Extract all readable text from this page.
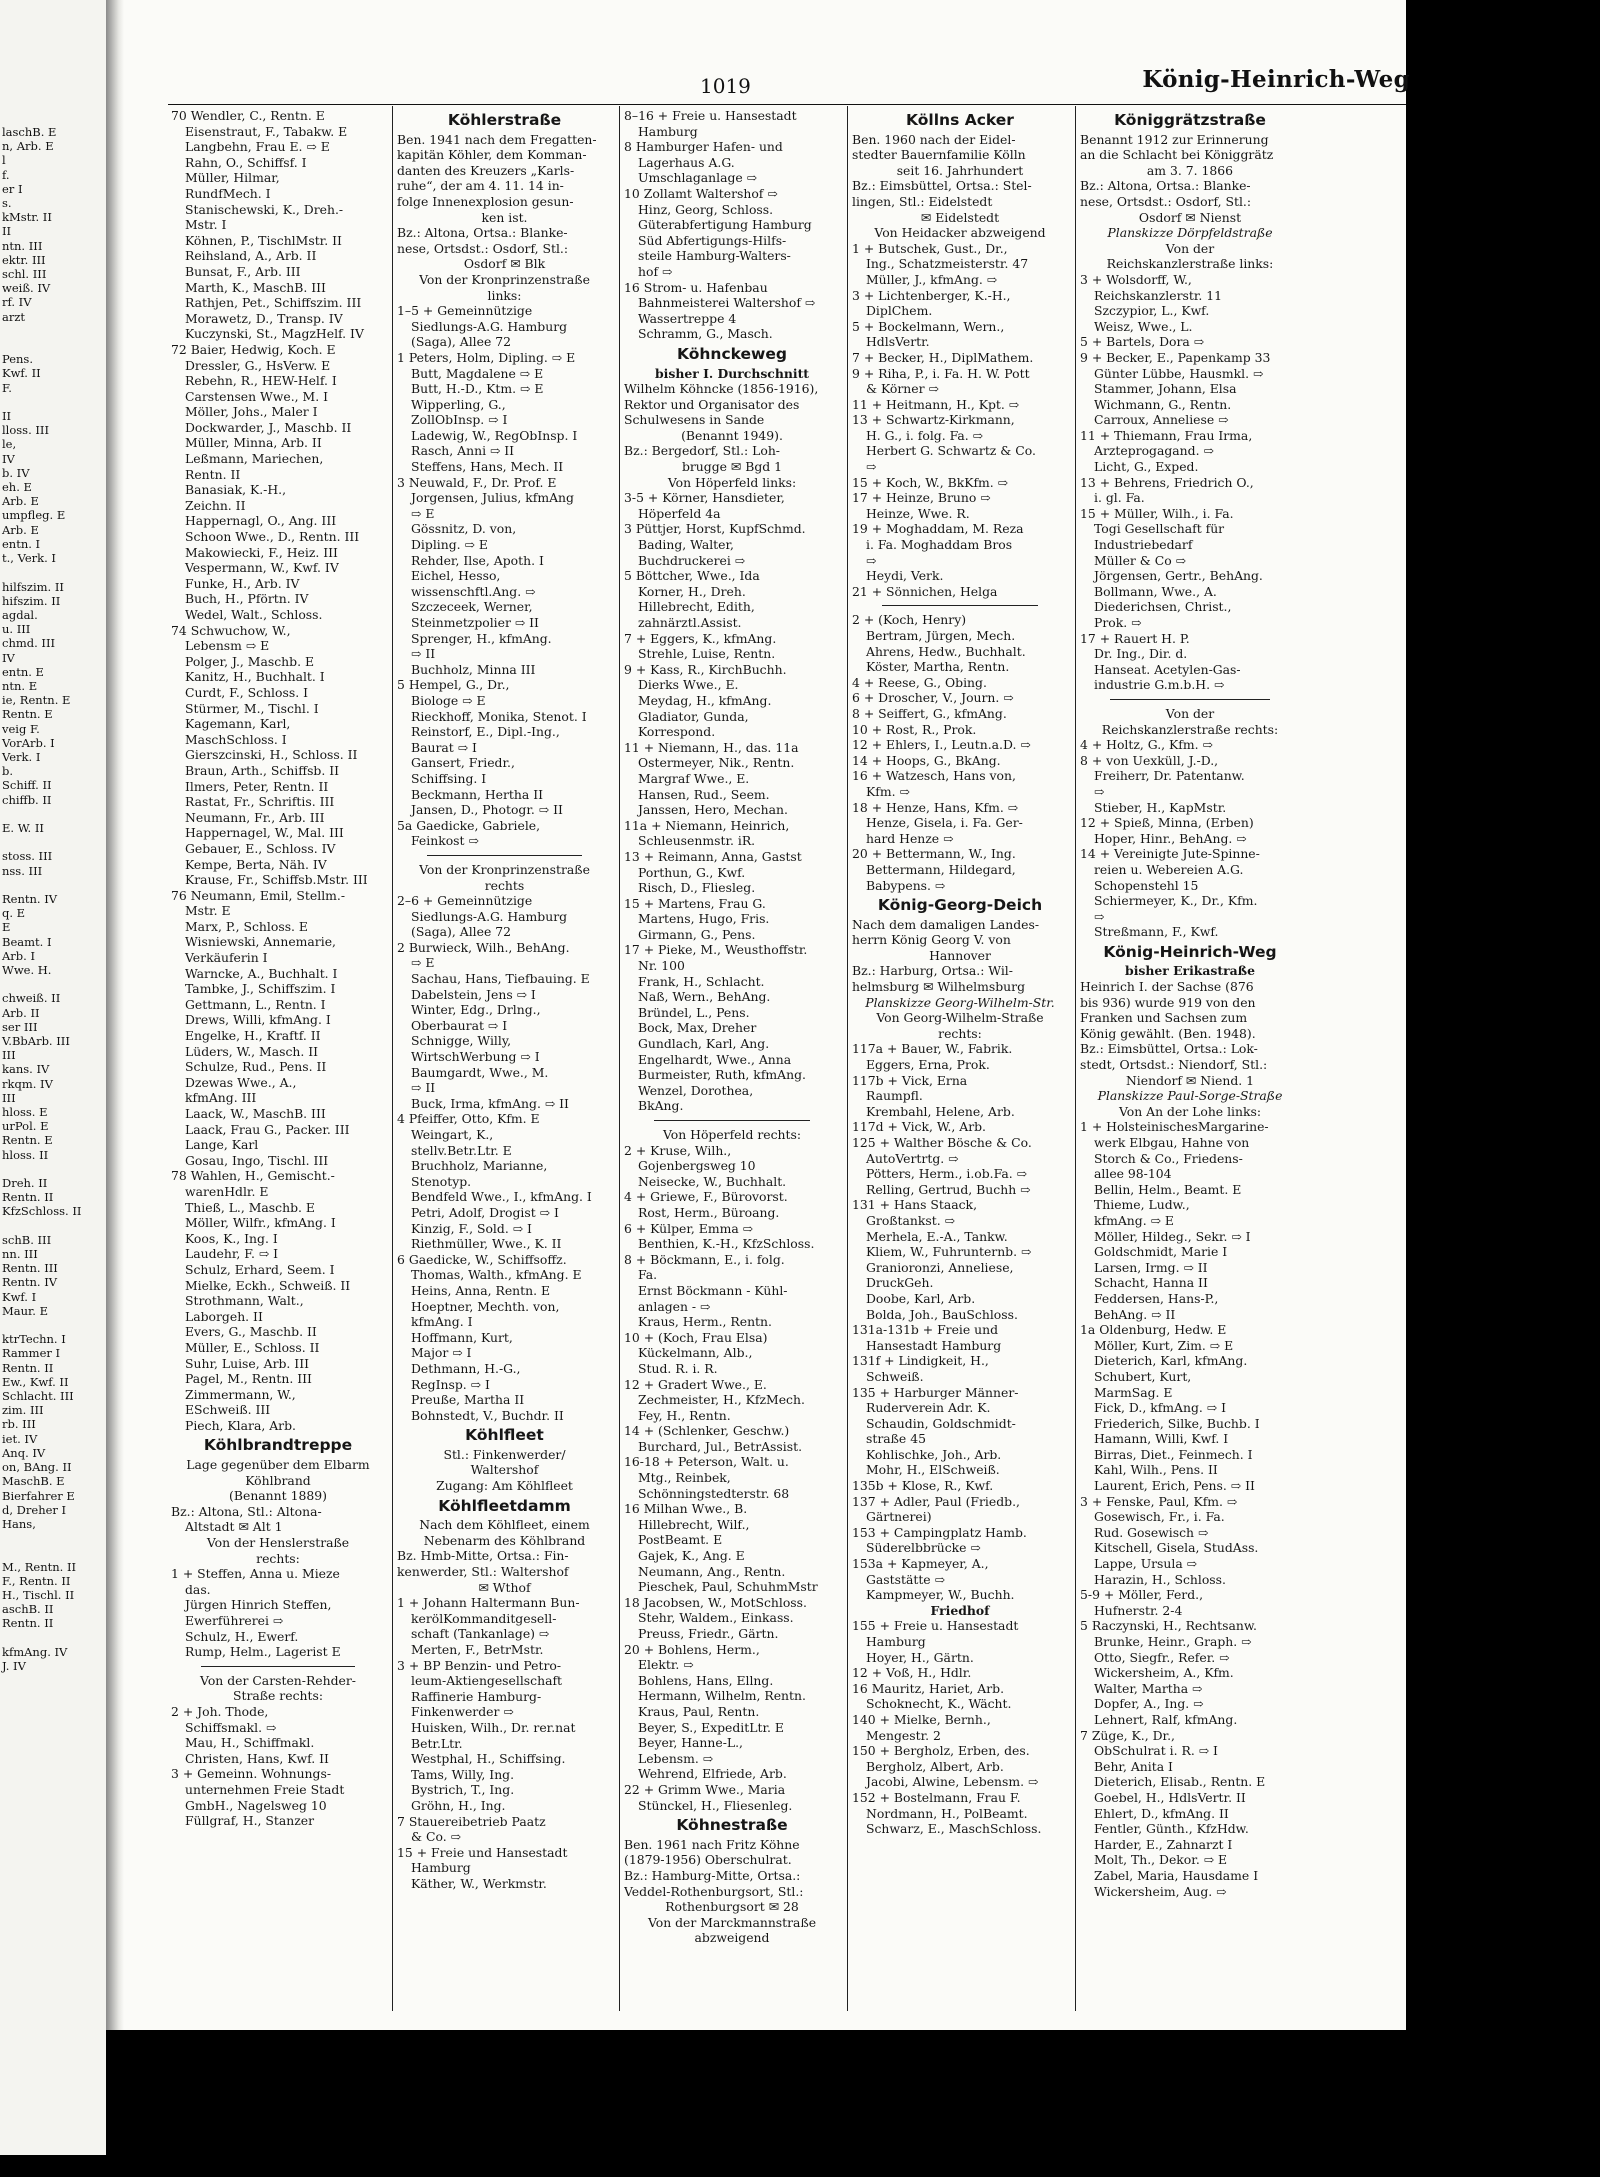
laschB. E
n, Arb. E
l
f.
er I
s.
kMstr. II
II
ntn. III
ektr. III
schl. III
weiß. IV
rf. IV
arzt

Pens.
Kwf. II
F.

II
lloss. III
le,
IV
b. IV
eh. E
Arb. E
umpfleg. E
Arb. E
entn. I
t., Verk. I

hilfszim. II
hifszim. II
agdal.
u. III
chmd. III
IV
entn. E
ntn. E
ie, Rentn. E
Rentn. E
veig F.
VorArb. I
Verk. I
b.
Schiff. II
chiffb. II

E. W. II

stoss. III
nss. III

Rentn. IV
q. E
E
Beamt. I
Arb. I
Wwe. H.

chweiß. II
Arb. II
ser III
V.BbArb. III
III
kans. IV
rkqm. IV
III
hloss. E
urPol. E
Rentn. E
hloss. II

Dreh. II
Rentn. II
KfzSchloss. II

schB. III
nn. III
Rentn. III
Rentn. IV
Kwf. I
Maur. E

ktrTechn. I
Rammer I
Rentn. II
Ew., Kwf. II
Schlacht. III
zim. III
rb. III
iet. IV
Anq. IV
on, BAng. II
MaschB. E
Bierfahrer E
d, Dreher I
Hans,

M., Rentn. II
F., Rentn. II
H., Tischl. II
aschB. II
Rentn. II

kfmAng. IV
J. IV
1019	König-Heinrich-Weg
70 Wendler, C., Rentn. E
Eisenstraut, F., Tabakw. E
Langbehn, Frau E. ⇨ E
Rahn, O., Schiffsf. I
Müller, Hilmar,
RundfMech. I
Stanischewski, K., Dreh.-
Mstr. I
Köhnen, P., TischlMstr. II
Reihsland, A., Arb. II
Bunsat, F., Arb. III
Marth, K., MaschB. III
Rathjen, Pet., Schiffszim. III
Morawetz, D., Transp. IV
Kuczynski, St., MagzHelf. IV
72 Baier, Hedwig, Koch. E
Dressler, G., HsVerw. E
Rebehn, R., HEW-Helf. I
Carstensen Wwe., M. I
Möller, Johs., Maler I
Dockwarder, J., Maschb. II
Müller, Minna, Arb. II
Leßmann, Mariechen,
Rentn. II
Banasiak, K.-H.,
Zeichn. II
Happernagl, O., Ang. III
Schoon Wwe., D., Rentn. III
Makowiecki, F., Heiz. III
Vespermann, W., Kwf. IV
Funke, H., Arb. IV
Buch, H., Pförtn. IV
Wedel, Walt., Schloss.
74 Schwuchow, W.,
Lebensm ⇨ E
Polger, J., Maschb. E
Kanitz, H., Buchhalt. I
Curdt, F., Schloss. I
Stürmer, M., Tischl. I
Kagemann, Karl,
MaschSchloss. I
Gierszcinski, H., Schloss. II
Braun, Arth., Schiffsb. II
Ilmers, Peter, Rentn. II
Rastat, Fr., Schriftis. III
Neumann, Fr., Arb. III
Happernagel, W., Mal. III
Gebauer, E., Schloss. IV
Kempe, Berta, Näh. IV
Krause, Fr., Schiffsb.Mstr. III
76 Neumann, Emil, Stellm.-
Mstr. E
Marx, P., Schloss. E
Wisniewski, Annemarie,
Verkäuferin I
Warncke, A., Buchhalt. I
Tambke, J., Schiffszim. I
Gettmann, L., Rentn. I
Drews, Willi, kfmAng. I
Engelke, H., Kraftf. II
Lüders, W., Masch. II
Schulze, Rud., Pens. II
Dzewas Wwe., A.,
kfmAng. III
Laack, W., MaschB. III
Laack, Frau G., Packer. III
Lange, Karl
Gosau, Ingo, Tischl. III
78 Wahlen, H., Gemischt.-
warenHdlr. E
Thieß, L., Maschb. E
Möller, Wilfr., kfmAng. I
Koos, K., Ing. I
Laudehr, F. ⇨ I
Schulz, Erhard, Seem. I
Mielke, Eckh., Schweiß. II
Strothmann, Walt.,
Laborgeh. II
Evers, G., Maschb. II
Müller, E., Schloss. II
Suhr, Luise, Arb. III
Pagel, M., Rentn. III
Zimmermann, W.,
ESchweiß. III
Piech, Klara, Arb.
Köhlbrandtreppe
Lage gegenüber dem Elbarm
Köhlbrand
(Benannt 1889)
Bz.: Altona, Stl.: Altona-
Altstadt ✉ Alt 1
Von der Henslerstraße
rechts:
1 + Steffen, Anna u. Mieze
das.
Jürgen Hinrich Steffen,
Ewerführerei ⇨
Schulz, H., Ewerf.
Rump, Helm., Lagerist E
Von der Carsten-Rehder-
Straße rechts:
2 + Joh. Thode,
Schiffsmakl. ⇨
Mau, H., Schiffmakl.
Christen, Hans, Kwf. II
3 + Gemeinn. Wohnungs-
unternehmen Freie Stadt
GmbH., Nagelsweg 10
Füllgraf, H., Stanzer
Köhlerstraße
Ben. 1941 nach dem Fregatten-
kapitän Köhler, dem Komman-
danten des Kreuzers „Karls-
ruhe“, der am 4. 11. 14 in-
folge Innenexplosion gesun-
ken ist.
Bz.: Altona, Ortsa.: Blanke-
nese, Ortsdst.: Osdorf, Stl.:
Osdorf ✉ Blk
Von der Kronprinzenstraße
links:
1–5 + Gemeinnützige
Siedlungs-A.G. Hamburg
(Saga), Allee 72
1 Peters, Holm, Dipling. ⇨ E
Butt, Magdalene ⇨ E
Butt, H.-D., Ktm. ⇨ E
Wipperling, G.,
ZollObInsp. ⇨ I
Ladewig, W., RegObInsp. I
Rasch, Anni ⇨ II
Steffens, Hans, Mech. II
3 Neuwald, F., Dr. Prof. E
Jorgensen, Julius, kfmAng
⇨ E
Gössnitz, D. von,
Dipling. ⇨ E
Rehder, Ilse, Apoth. I
Eichel, Hesso,
wissenschftl.Ang. ⇨
Szczeceek, Werner,
Steinmetzpolier ⇨ II
Sprenger, H., kfmAng.
⇨ II
Buchholz, Minna III
5 Hempel, G., Dr.,
Biologe ⇨ E
Rieckhoff, Monika, Stenot. I
Reinstorf, E., Dipl.-Ing.,
Baurat ⇨ I
Gansert, Friedr.,
Schiffsing. I
Beckmann, Hertha II
Jansen, D., Photogr. ⇨ II
5a Gaedicke, Gabriele,
Feinkost ⇨
Von der Kronprinzenstraße
rechts
2–6 + Gemeinnützige
Siedlungs-A.G. Hamburg
(Saga), Allee 72
2 Burwieck, Wilh., BehAng.
⇨ E
Sachau, Hans, Tiefbauing. E
Dabelstein, Jens ⇨ I
Winter, Edg., Drlng.,
Oberbaurat ⇨ I
Schnigge, Willy,
WirtschWerbung ⇨ I
Baumgardt, Wwe., M.
⇨ II
Buck, Irma, kfmAng. ⇨ II
4 Pfeiffer, Otto, Kfm. E
Weingart, K.,
stellv.Betr.Ltr. E
Bruchholz, Marianne,
Stenotyp.
Bendfeld Wwe., I., kfmAng. I
Petri, Adolf, Drogist ⇨ I
Kinzig, F., Sold. ⇨ I
Riethmüller, Wwe., K. II
6 Gaedicke, W., Schiffsoffz.
Thomas, Walth., kfmAng. E
Heins, Anna, Rentn. E
Hoeptner, Mechth. von,
kfmAng. I
Hoffmann, Kurt,
Major ⇨ I
Dethmann, H.-G.,
RegInsp. ⇨ I
Preuße, Martha II
Bohnstedt, V., Buchdr. II
Köhlfleet
Stl.: Finkenwerder/
Waltershof
Zugang: Am Köhlfleet
Köhlfleetdamm
Nach dem Köhlfleet, einem
Nebenarm des Köhlbrand
Bz. Hmb-Mitte, Ortsa.: Fin-
kenwerder, Stl.: Waltershof
✉ Wthof
1 + Johann Haltermann Bun-
kerölKommanditgesell-
schaft (Tankanlage) ⇨
Merten, F., BetrMstr.
3 + BP Benzin- und Petro-
leum-Aktiengesellschaft
Raffinerie Hamburg-
Finkenwerder ⇨
Huisken, Wilh., Dr. rer.nat
Betr.Ltr.
Westphal, H., Schiffsing.
Tams, Willy, Ing.
Bystrich, T., Ing.
Gröhn, H., Ing.
7 Stauereibetrieb Paatz
& Co. ⇨
15 + Freie und Hansestadt
Hamburg
Käther, W., Werkmstr.
8–16 + Freie u. Hansestadt
Hamburg
8 Hamburger Hafen- und
Lagerhaus A.G.
Umschlaganlage ⇨
10 Zollamt Waltershof ⇨
Hinz, Georg, Schloss.
Güterabfertigung Hamburg
Süd Abfertigungs-Hilfs-
steile Hamburg-Walters-
hof ⇨
16 Strom- u. Hafenbau
Bahnmeisterei Waltershof ⇨
Wassertreppe 4
Schramm, G., Masch.
Köhnckeweg
bisher I. Durchschnitt
Wilhelm Köhncke (1856-1916),
Rektor und Organisator des
Schulwesens in Sande
(Benannt 1949).
Bz.: Bergedorf, Stl.: Loh-
brugge ✉ Bgd 1
Von Höperfeld links:
3-5 + Körner, Hansdieter,
Höperfeld 4a
3 Püttjer, Horst, KupfSchmd.
Bading, Walter,
Buchdruckerei ⇨
5 Böttcher, Wwe., Ida
Korner, H., Dreh.
Hillebrecht, Edith,
zahnärztl.Assist.
7 + Eggers, K., kfmAng.
Strehle, Luise, Rentn.
9 + Kass, R., KirchBuchh.
Dierks Wwe., E.
Meydag, H., kfmAng.
Gladiator, Gunda,
Korrespond.
11 + Niemann, H., das. 11a
Ostermeyer, Nik., Rentn.
Margraf Wwe., E.
Hansen, Rud., Seem.
Janssen, Hero, Mechan.
11a + Niemann, Heinrich,
Schleusenmstr. iR.
13 + Reimann, Anna, Gastst
Porthun, G., Kwf.
Risch, D., Fliesleg.
15 + Martens, Frau G.
Martens, Hugo, Fris.
Girmann, G., Pens.
17 + Pieke, M., Weusthoffstr.
Nr. 100
Frank, H., Schlacht.
Naß, Wern., BehAng.
Bründel, L., Pens.
Bock, Max, Dreher
Gundlach, Karl, Ang.
Engelhardt, Wwe., Anna
Burmeister, Ruth, kfmAng.
Wenzel, Dorothea,
BkAng.
Von Höperfeld rechts:
2 + Kruse, Wilh.,
Gojenbergsweg 10
Neisecke, W., Buchhalt.
4 + Griewe, F., Bürovorst.
Rost, Herm., Büroang.
6 + Külper, Emma ⇨
Benthien, K.-H., KfzSchloss.
8 + Böckmann, E., i. folg.
Fa.
Ernst Böckmann - Kühl-
anlagen - ⇨
Kraus, Herm., Rentn.
10 + (Koch, Frau Elsa)
Kückelmann, Alb.,
Stud. R. i. R.
12 + Gradert Wwe., E.
Zechmeister, H., KfzMech.
Fey, H., Rentn.
14 + (Schlenker, Geschw.)
Burchard, Jul., BetrAssist.
16-18 + Peterson, Walt. u.
Mtg., Reinbek,
Schönningstedterstr. 68
16 Milhan Wwe., B.
Hillebrecht, Wilf.,
PostBeamt. E
Gajek, K., Ang. E
Neumann, Ang., Rentn.
Pieschek, Paul, SchuhmMstr
18 Jacobsen, W., MotSchloss.
Stehr, Waldem., Einkass.
Preuss, Friedr., Gärtn.
20 + Bohlens, Herm.,
Elektr. ⇨
Bohlens, Hans, Ellng.
Hermann, Wilhelm, Rentn.
Kraus, Paul, Rentn.
Beyer, S., ExpeditLtr. E
Beyer, Hanne-L.,
Lebensm. ⇨
Wehrend, Elfriede, Arb.
22 + Grimm Wwe., Maria
Stünckel, H., Fliesenleg.
Köhnestraße
Ben. 1961 nach Fritz Köhne
(1879-1956) Oberschulrat.
Bz.: Hamburg-Mitte, Ortsa.:
Veddel-Rothenburgsort, Stl.:
Rothenburgsort ✉ 28
Von der Marckmannstraße
abzweigend
Köllns Acker
Ben. 1960 nach der Eidel-
stedter Bauernfamilie Kölln
seit 16. Jahrhundert
Bz.: Eimsbüttel, Ortsa.: Stel-
lingen, Stl.: Eidelstedt
✉ Eidelstedt
Von Heidacker abzweigend
1 + Butschek, Gust., Dr.,
Ing., Schatzmeisterstr. 47
Müller, J., kfmAng. ⇨
3 + Lichtenberger, K.-H.,
DiplChem.
5 + Bockelmann, Wern.,
HdlsVertr.
7 + Becker, H., DiplMathem.
9 + Riha, P., i. Fa. H. W. Pott
& Körner ⇨
11 + Heitmann, H., Kpt. ⇨
13 + Schwartz-Kirkmann,
H. G., i. folg. Fa. ⇨
Herbert G. Schwartz & Co.
⇨
15 + Koch, W., BkKfm. ⇨
17 + Heinze, Bruno ⇨
Heinze, Wwe. R.
19 + Moghaddam, M. Reza
i. Fa. Moghaddam Bros
⇨
Heydi, Verk.
21 + Sönnichen, Helga
2 + (Koch, Henry)
Bertram, Jürgen, Mech.
Ahrens, Hedw., Buchhalt.
Köster, Martha, Rentn.
4 + Reese, G., Obing.
6 + Droscher, V., Journ. ⇨
8 + Seiffert, G., kfmAng.
10 + Rost, R., Prok.
12 + Ehlers, I., Leutn.a.D. ⇨
14 + Hoops, G., BkAng.
16 + Watzesch, Hans von,
Kfm. ⇨
18 + Henze, Hans, Kfm. ⇨
Henze, Gisela, i. Fa. Ger-
hard Henze ⇨
20 + Bettermann, W., Ing.
Bettermann, Hildegard,
Babypens. ⇨
König-Georg-Deich
Nach dem damaligen Landes-
herrn König Georg V. von
Hannover
Bz.: Harburg, Ortsa.: Wil-
helmsburg ✉ Wilhelmsburg
Planskizze Georg-Wilhelm-Str.
Von Georg-Wilhelm-Straße
rechts:
117a + Bauer, W., Fabrik.
Eggers, Erna, Prok.
117b + Vick, Erna
Raumpfl.
Krembahl, Helene, Arb.
117d + Vick, W., Arb.
125 + Walther Bösche & Co.
AutoVertrtg. ⇨
Pötters, Herm., i.ob.Fa. ⇨
Relling, Gertrud, Buchh ⇨
131 + Hans Staack,
Großtankst. ⇨
Merhela, E.-A., Tankw.
Kliem, W., Fuhrunternb. ⇨
Granioronzi, Anneliese,
DruckGeh.
Doobe, Karl, Arb.
Bolda, Joh., BauSchloss.
131a-131b + Freie und
Hansestadt Hamburg
131f + Lindigkeit, H.,
Schweiß.
135 + Harburger Männer-
Ruderverein Adr. K.
Schaudin, Goldschmidt-
straße 45
Kohlischke, Joh., Arb.
Mohr, H., ElSchweiß.
135b + Klose, R., Kwf.
137 + Adler, Paul (Friedb.,
Gärtnerei)
153 + Campingplatz Hamb.
Süderelbbrücke ⇨
153a + Kapmeyer, A.,
Gaststätte ⇨
Kampmeyer, W., Buchh.
Friedhof
155 + Freie u. Hansestadt
Hamburg
Hoyer, H., Gärtn.
12 + Voß, H., Hdlr.
16 Mauritz, Hariet, Arb.
Schoknecht, K., Wächt.
140 + Mielke, Bernh.,
Mengestr. 2
150 + Bergholz, Erben, des.
Bergholz, Albert, Arb.
Jacobi, Alwine, Lebensm. ⇨
152 + Bostelmann, Frau F.
Nordmann, H., PolBeamt.
Schwarz, E., MaschSchloss.
Königgrätzstraße
Benannt 1912 zur Erinnerung
an die Schlacht bei Königgrätz
am 3. 7. 1866
Bz.: Altona, Ortsa.: Blanke-
nese, Ortsdst.: Osdorf, Stl.:
Osdorf ✉ Nienst
Planskizze Dörpfeldstraße
Von der
Reichskanzlerstraße links:
3 + Wolsdorff, W.,
Reichskanzlerstr. 11
Szczypior, L., Kwf.
Weisz, Wwe., L.
5 + Bartels, Dora ⇨
9 + Becker, E., Papenkamp 33
Günter Lübbe, Hausmkl. ⇨
Stammer, Johann, Elsa
Wichmann, G., Rentn.
Carroux, Anneliese ⇨
11 + Thiemann, Frau Irma,
Arzteprogagand. ⇨
Licht, G., Exped.
13 + Behrens, Friedrich O.,
i. gl. Fa.
15 + Müller, Wilh., i. Fa.
Togi Gesellschaft für
Industriebedarf
Müller & Co ⇨
Jörgensen, Gertr., BehAng.
Bollmann, Wwe., A.
Diederichsen, Christ.,
Prok. ⇨
17 + Rauert H. P.
Dr. Ing., Dir. d.
Hanseat. Acetylen-Gas-
industrie G.m.b.H. ⇨
Von der
Reichskanzlerstraße rechts:
4 + Holtz, G., Kfm. ⇨
8 + von Uexküll, J.-D.,
Freiherr, Dr. Patentanw.
⇨
Stieber, H., KapMstr.
12 + Spieß, Minna, (Erben)
Hoper, Hinr., BehAng. ⇨
14 + Vereinigte Jute-Spinne-
reien u. Webereien A.G.
Schopenstehl 15
Schiermeyer, K., Dr., Kfm.
⇨
Streßmann, F., Kwf.
König-Heinrich-Weg
bisher Erikastraße
Heinrich I. der Sachse (876
bis 936) wurde 919 von den
Franken und Sachsen zum
König gewählt. (Ben. 1948).
Bz.: Eimsbüttel, Ortsa.: Lok-
stedt, Ortsdst.: Niendorf, Stl.:
Niendorf ✉ Niend. 1
Planskizze Paul-Sorge-Straße
Von An der Lohe links:
1 + HolsteinischesMargarine-
werk Elbgau, Hahne von
Storch & Co., Friedens-
allee 98-104
Bellin, Helm., Beamt. E
Thieme, Ludw.,
kfmAng. ⇨ E
Möller, Hildeg., Sekr. ⇨ I
Goldschmidt, Marie I
Larsen, Irmg. ⇨ II
Schacht, Hanna II
Feddersen, Hans-P.,
BehAng. ⇨ II
1a Oldenburg, Hedw. E
Möller, Kurt, Zim. ⇨ E
Dieterich, Karl, kfmAng.
Schubert, Kurt,
MarmSag. E
Fick, D., kfmAng. ⇨ I
Friederich, Silke, Buchb. I
Hamann, Willi, Kwf. I
Birras, Diet., Feinmech. I
Kahl, Wilh., Pens. II
Laurent, Erich, Pens. ⇨ II
3 + Fenske, Paul, Kfm. ⇨
Gosewisch, Fr., i. Fa.
Rud. Gosewisch ⇨
Kitschell, Gisela, StudAss.
Lappe, Ursula ⇨
Harazin, H., Schloss.
5-9 + Möller, Ferd.,
Hufnerstr. 2-4
5 Raczynski, H., Rechtsanw.
Brunke, Heinr., Graph. ⇨
Otto, Siegfr., Refer. ⇨
Wickersheim, A., Kfm.
Walter, Martha ⇨
Dopfer, A., Ing. ⇨
Lehnert, Ralf, kfmAng.
7 Züge, K., Dr.,
ObSchulrat i. R. ⇨ I
Behr, Anita I
Dieterich, Elisab., Rentn. E
Goebel, H., HdlsVertr. II
Ehlert, D., kfmAng. II
Fentler, Günth., KfzHdw.
Harder, E., Zahnarzt I
Molt, Th., Dekor. ⇨ E
Zabel, Maria, Hausdame I
Wickersheim, Aug. ⇨
